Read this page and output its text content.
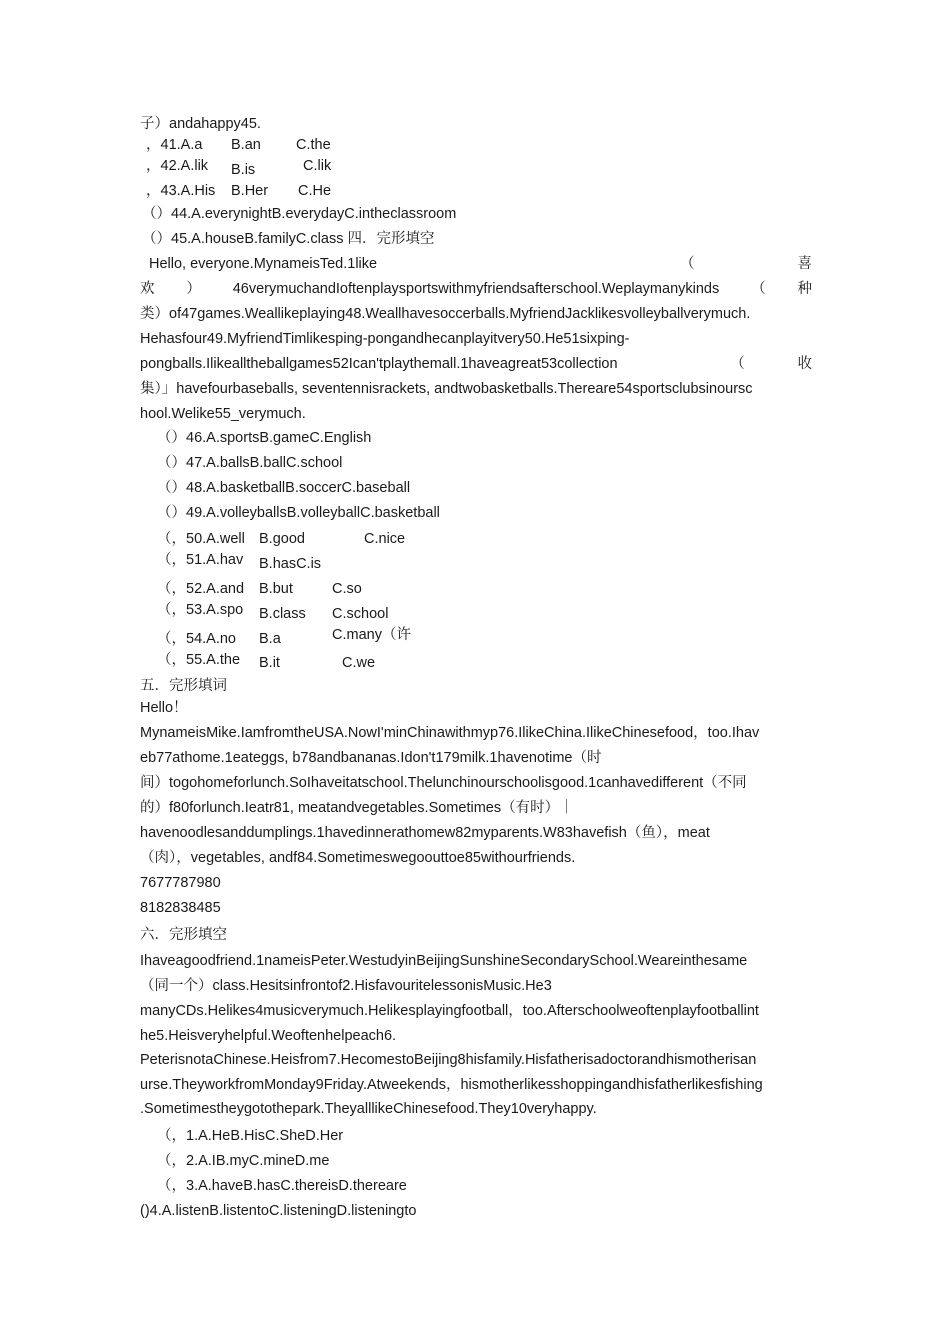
子）andahappy45.
，41.A.a B.an C.the
，42.A.lik B.is	C.lik
，43.A.His B.Her C.He
（）44.A.everynightB.everydayC.intheclassroom
（）45.A.houseB.familyC.class 四．完形填空
Hello, everyone.MynameisTed.1like	（	喜
欢 ） 46verymuchandIoftenplaysportswithmyfriendsafterschool.Weplaymanykinds （ 种
类）of47games.Weallikeplaying48.Weallhavesoccerballs.MyfriendJacklikesvolleyballverymuch.
Hehasfour49.MyfriendTimlikesping-pongandhecanplayitvery50.He51sixping-
pongballs.Ilikealltheballgames52Ican'tplaythemall.1haveagreat53collection	（	收
集）」havefourbaseballs, seventennisrackets, andtwobasketballs.Thereare54sportsclubsinoursc
hool.Welike55_verymuch.
（）46.A.sportsB.gameC.English
（）47.A.ballsB.ballC.school
（）48.A.basketballB.soccerC.baseball
（）49.A.volleyballsB.volleyballC.basketball
（，50.A.well B.good	C.nice
（，51.A.hav B.hasC.is
（，52.A.and B.but	C.so
（，53.A.spo B.class C.school
（，54.A.no B.a	C.many（许
（，55.A.the B.it	C.we
五．完形填词
Hello！
MynameisMike.IamfromtheUSA.NowI'minChinawithmyp76.IlikeChina.IlikeChinesefood，too.Ihav
eb77athome.1eateggs, b78andbananas.Idon't179milk.1havenotime（时
间）togohomeforlunch.SoIhaveitatschool.Thelunchinourschoolisgood.1canhavedifferent（不同
的）f80forlunch.Ieatr81, meatandvegetables.Sometimes（有时）｜
havenoodlesanddumplings.1havedinnerathomew82myparents.W83havefish（鱼），meat
（肉），vegetables, andf84.Sometimeswegoouttoe85withourfriends.
7677787980
8182838485
六．完形填空
Ihaveagoodfriend.1nameisPeter.WestudyinBeijingSunshineSecondarySchool.Weareinthesame
（同一个）class.Hesitsinfrontof2.HisfavouritelessonisMusic.He3
manyCDs.Helikes4musicverymuch.Helikesplayingfootball，too.Afterschoolweoftenplayfootballint
he5.Heisveryhelpful.Weoftenhelpeach6.
PeterisnotaChinese.Heisfrom7.HecomestoBeijing8hisfamily.Hisfatherisadoctorandhismotherisan
urse.TheyworkfromMonday9Friday.Atweekends，hismotherlikesshoppingandhisfatherlikesfishing
.Sometimestheygotothepark.TheyalllikeChinesefood.They10veryhappy.
（，1.A.HeB.HisC.SheD.Her
（，2.A.IB.myC.mineD.me
（，3.A.haveB.hasC.thereisD.thereare
()4.A.listenB.listentoC.listeningD.listeningto
